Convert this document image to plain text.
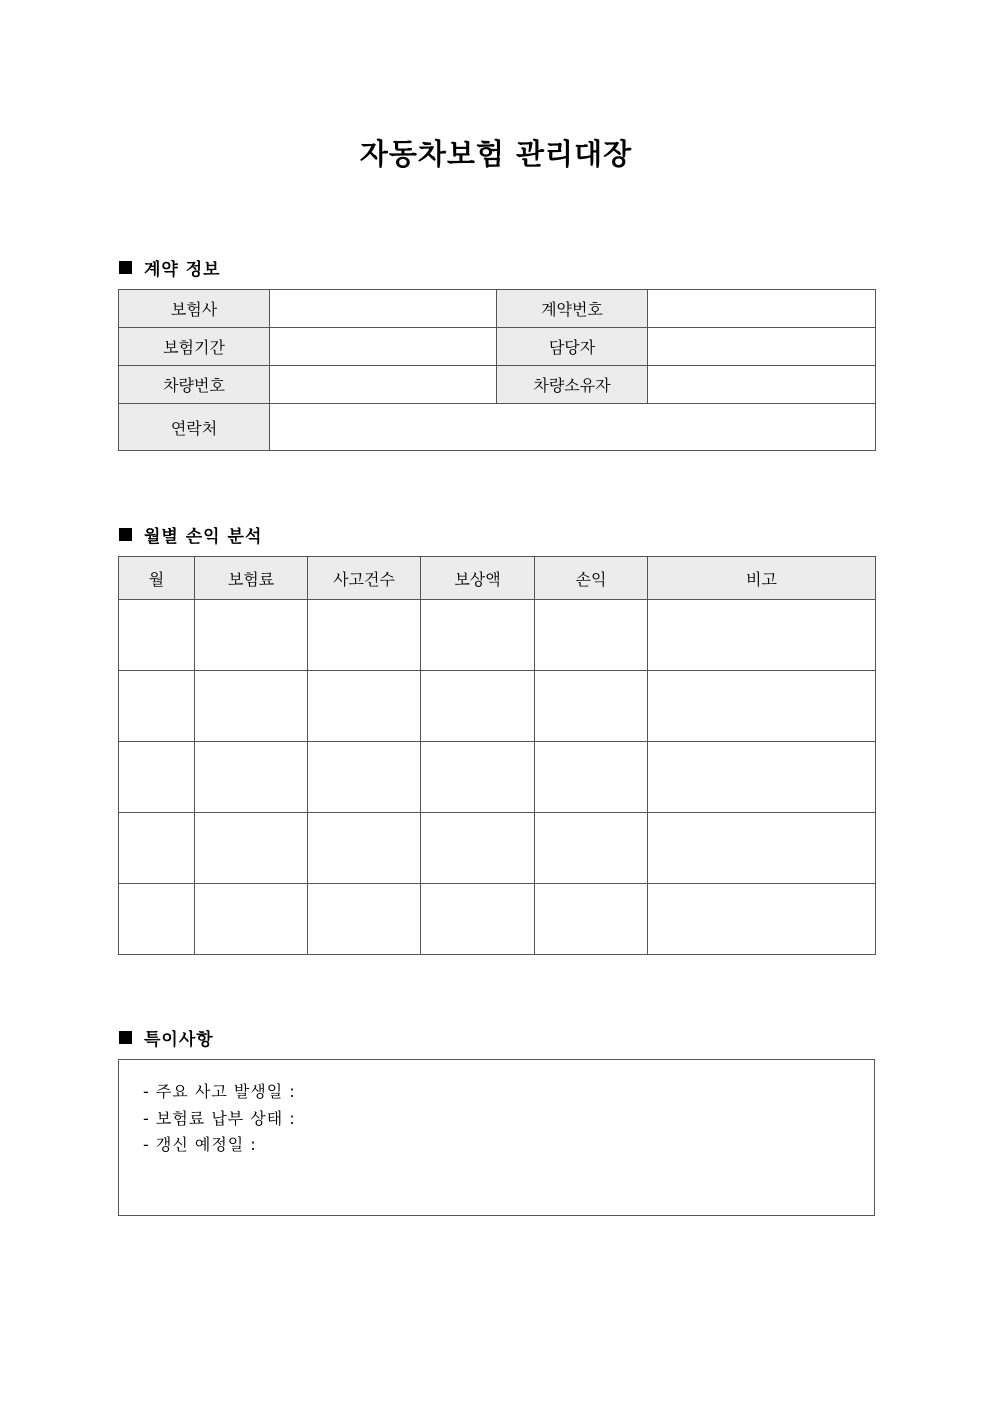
자동차보험 관리대장
계약 정보
보험사		계약번호	
보험기간		담당자	
차량번호		차량소유자	
연락처			
월별 손익 분석
월	보험료	사고건수	보상액	손익	비고

특이사항
- 주요 사고 발생일 :
- 보험료 납부 상태 :
- 갱신 예정일 :
